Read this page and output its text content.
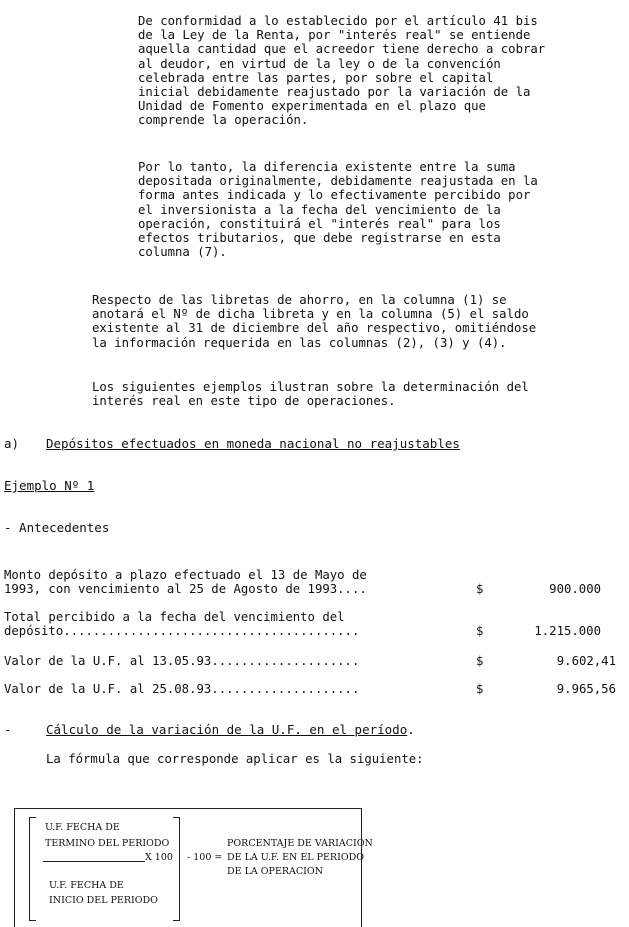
De conformidad a lo establecido por el artículo 41 bis
de la Ley de la Renta, por "interés real" se entiende
aquella cantidad que el acreedor tiene derecho a cobrar
al deudor, en virtud de la ley o de la convención
celebrada entre las partes, por sobre el capital
inicial debidamente reajustado por la variación de la
Unidad de Fomento experimentada en el plazo que
comprende la operación.
Por lo tanto, la diferencia existente entre la suma
depositada originalmente, debidamente reajustada en la
forma antes indicada y lo efectivamente percibido por
el inversionista a la fecha del vencimiento de la
operación, constituirá el "interés real" para los
efectos tributarios, que debe registrarse en esta
columna (7).
Respecto de las libretas de ahorro, en la columna (1) se
anotará el Nº de dicha libreta y en la columna (5) el saldo
existente al 31 de diciembre del año respectivo, omitiéndose
la información requerida en las columnas (2), (3) y (4).
Los siguientes ejemplos ilustran sobre la determinación del
interés real en este tipo de operaciones.
a) Depósitos efectuados en moneda nacional no reajustables
Ejemplo Nº 1
- Antecedentes
Monto depósito a plazo efectuado el 13 de Mayo de
1993, con vencimiento al 25 de Agosto de 1993....	$	900.000
Total percibido a la fecha del vencimiento del
depósito........................................	$	1.215.000
Valor de la U.F. al 13.05.93....................	$	9.602,41
Valor de la U.F. al 25.08.93....................	$	9.965,56
-	Cálculo de la variación de la U.F. en el período.
La fórmula que corresponde aplicar es la siguiente:
U.F. FECHA DE
TERMINO DEL PERIODO
X 100
U.F. FECHA DE
INICIO DEL PERIODO
- 100 =
PORCENTAJE DE VARIACION
DE LA U.F. EN EL PERIODO
DE LA OPERACION
